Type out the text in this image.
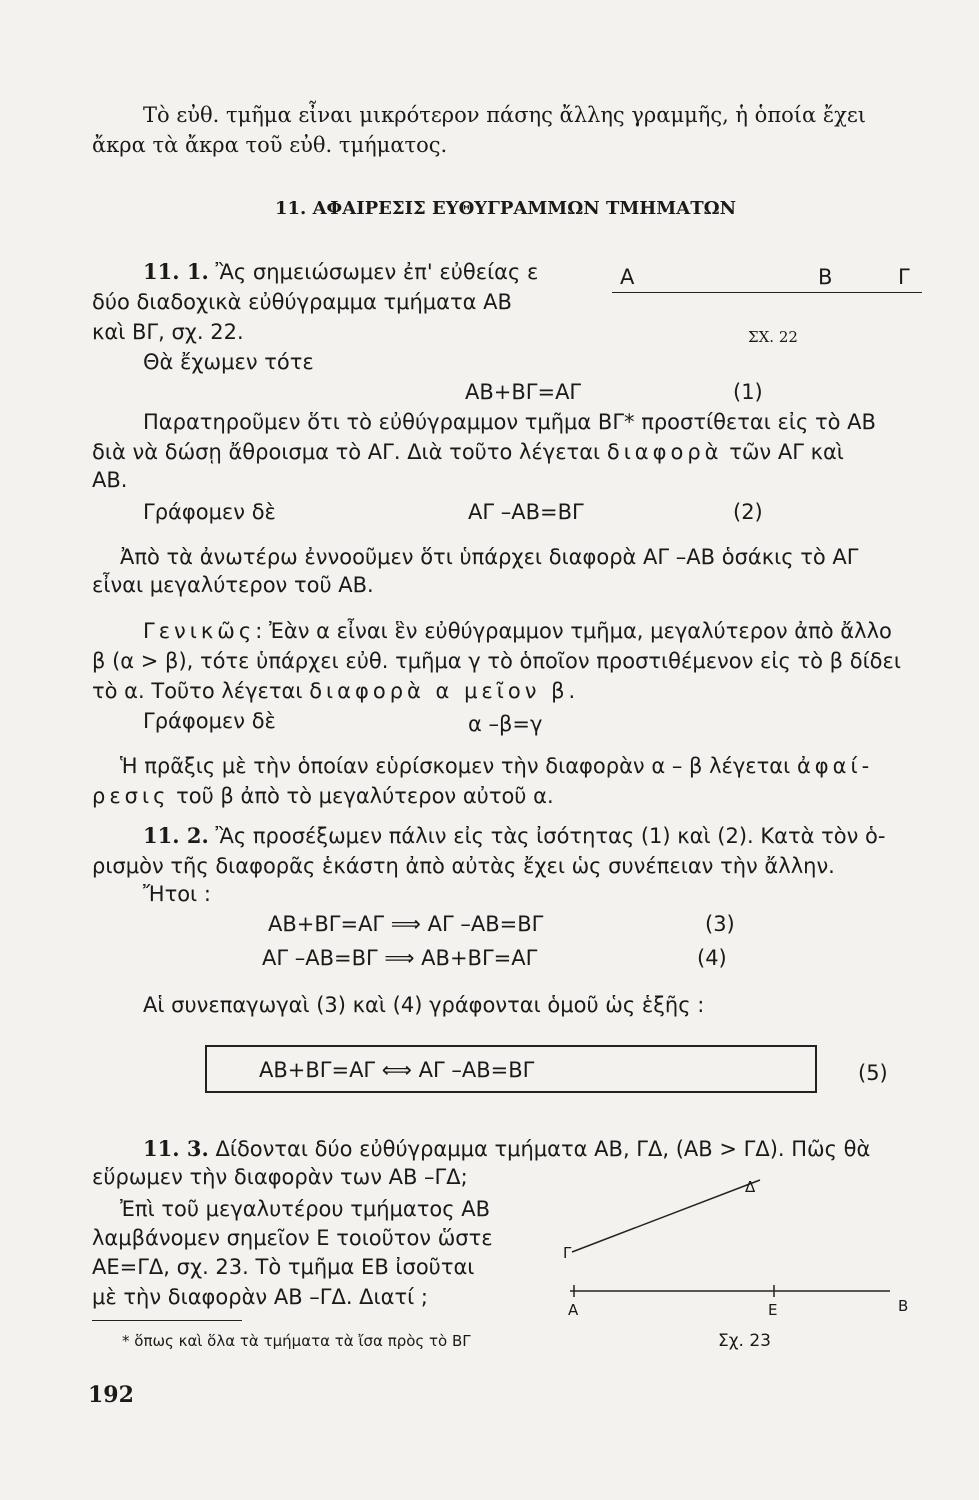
Τὸ εὐθ. τμῆμα εἶναι μικρότερον πάσης ἄλλης γραμμῆς, ἡ ὁποία ἔχει
ἄκρα τὰ ἄκρα τοῦ εὐθ. τμήματος.
11. ΑΦΑΙΡΕΣΙΣ ΕΥΘΥΓΡΑΜΜΩΝ ΤΜΗΜΑΤΩΝ
11. 1. Ἂς σημειώσωμεν ἐπ' εὐθείας ε
δύο διαδοχικὰ εὐθύγραμμα τμήματα ΑΒ
καὶ ΒΓ, σχ. 22.
Θὰ ἔχωμεν τότε
Α	Β	Γ
ΣΧ. 22
ΑΒ+ΒΓ=ΑΓ	(1)
Παρατηροῦμεν ὅτι τὸ εὐθύγραμμον τμῆμα ΒΓ* προστίθεται εἰς τὸ ΑΒ
διὰ νὰ δώσῃ ἄθροισμα τὸ ΑΓ. Διὰ τοῦτο λέγεται διαφορὰ τῶν ΑΓ καὶ
ΑΒ.
Γράφομεν δὲ	ΑΓ –ΑΒ=ΒΓ	(2)
Ἀπὸ τὰ ἀνωτέρω ἐννοοῦμεν ὅτι ὑπάρχει διαφορὰ ΑΓ –ΑΒ ὁσάκις τὸ ΑΓ
εἶναι μεγαλύτερον τοῦ ΑΒ.
Γενικῶς: Ἐὰν α εἶναι ἓν εὐθύγραμμον τμῆμα, μεγαλύτερον ἀπὸ ἄλλο
β (α > β), τότε ὑπάρχει εὐθ. τμῆμα γ τὸ ὁποῖον προστιθέμενον εἰς τὸ β δίδει
τὸ α. Τοῦτο λέγεται διαφορὰ α μεῖον β.
Γράφομεν δὲ	α –β=γ
Ἡ πρᾶξις μὲ τὴν ὁποίαν εὑρίσκομεν τὴν διαφορὰν α – β λέγεται ἀφαί-
ρεσις τοῦ β ἀπὸ τὸ μεγαλύτερον αὐτοῦ α.
11. 2. Ἂς προσέξωμεν πάλιν εἰς τὰς ἰσότητας (1) καὶ (2). Κατὰ τὸν ὁ-
ρισμὸν τῆς διαφορᾶς ἑκάστη ἀπὸ αὐτὰς ἔχει ὡς συνέπειαν τὴν ἄλλην.
Ἤτοι :
ΑΒ+ΒΓ=ΑΓ ⟹ ΑΓ –ΑΒ=ΒΓ	(3)
ΑΓ –ΑΒ=ΒΓ ⟹ ΑΒ+ΒΓ=ΑΓ	(4)
Αἱ συνεπαγωγαὶ (3) καὶ (4) γράφονται ὁμοῦ ὡς ἑξῆς :
ΑΒ+ΒΓ=ΑΓ ⟺ ΑΓ –ΑΒ=ΒΓ	(5)
11. 3. Δίδονται δύο εὐθύγραμμα τμήματα ΑΒ, ΓΔ, (ΑΒ > ΓΔ). Πῶς θὰ
εὕρωμεν τὴν διαφορὰν των ΑΒ –ΓΔ;
Ἐπὶ τοῦ μεγαλυτέρου τμήματος ΑΒ
λαμβάνομεν σημεῖον Ε τοιοῦτον ὥστε
ΑΕ=ΓΔ, σχ. 23. Τὸ τμῆμα ΕΒ ἰσοῦται
μὲ τὴν διαφορὰν ΑΒ –ΓΔ. Διατί ;
Δ
Γ
Α	Ε	Β
Σχ. 23
* ὅπως καὶ ὅλα τὰ τμήματα τὰ ἴσα πρὸς τὸ ΒΓ
192
